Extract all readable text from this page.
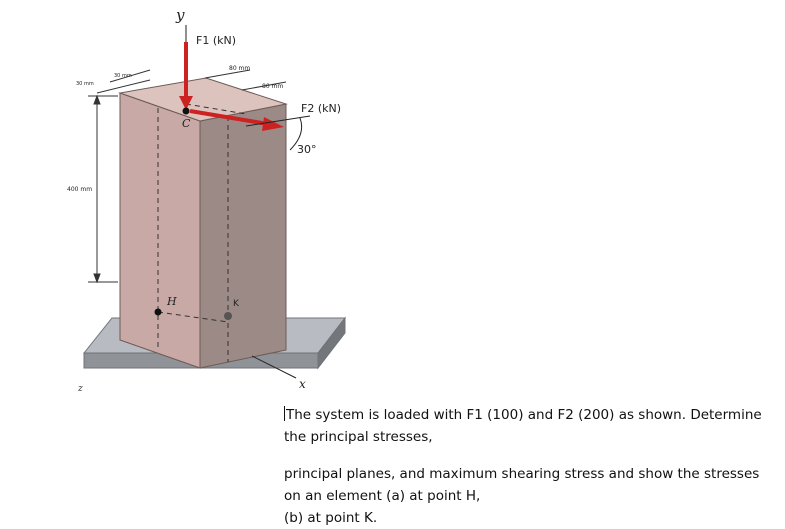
y
F1 (kN)
30 mm
30 mm
80 mm
80 mm
F2 (kN)
C
30°
400 mm
H	K
z	x

The system is loaded with F1 (100) and F2 (200) as shown. Determine the principal stresses,

principal planes, and maximum shearing stress and show the stresses on an element (a) at point H,

(b) at point K.
